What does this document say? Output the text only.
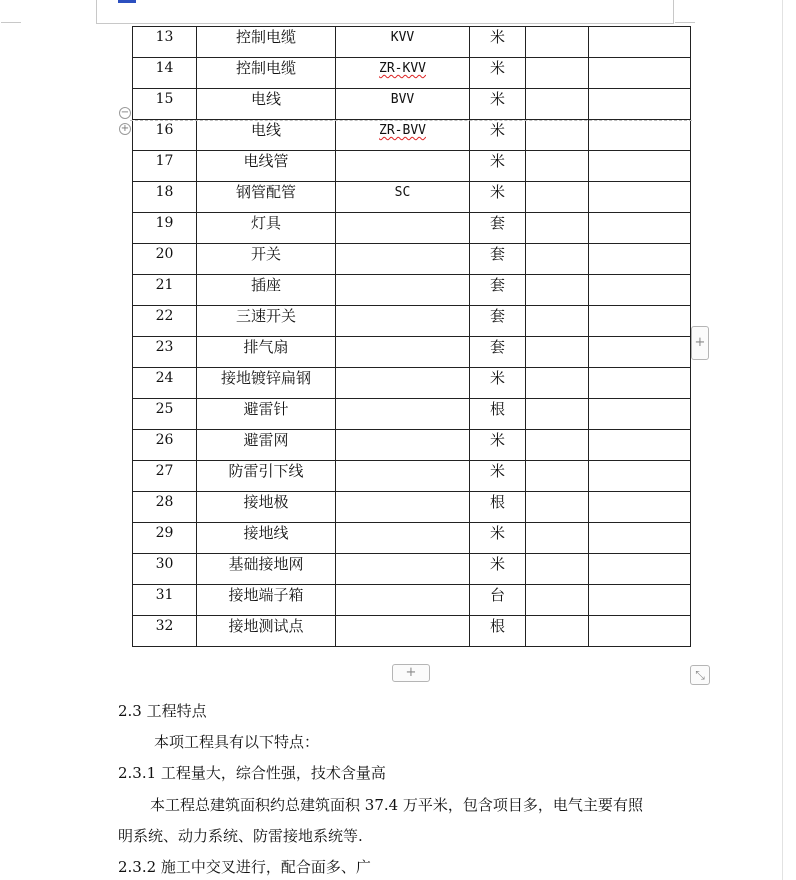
13	控制电缆	KVV	米		
14	控制电缆	ZR-KVV	米		
15	电线	BVV	米		
16	电线	ZR-BVV	米		
17	电线管		米		
18	钢管配管	SC	米		
19	灯具		套		
20	开关		套		
21	插座		套		
22	三速开关		套		
23	排气扇		套		
24	接地镀锌扁钢		米		
25	避雷针		根		
26	避雷网		米		
27	防雷引下线		米		
28	接地极		根		
29	接地线		米		
30	基础接地网		米		
31	接地端子箱		台		
32	接地测试点		根		
−
+
+
+	⤡
2.3 工程特点
本项工程具有以下特点：
2.3.1 工程量大，综合性强，技术含量高
本工程总建筑面积约总建筑面积 37.4 万平米，包含项目多，电气主要有照
明系统、动力系统、防雷接地系统等.
2.3.2 施工中交叉进行，配合面多、广
